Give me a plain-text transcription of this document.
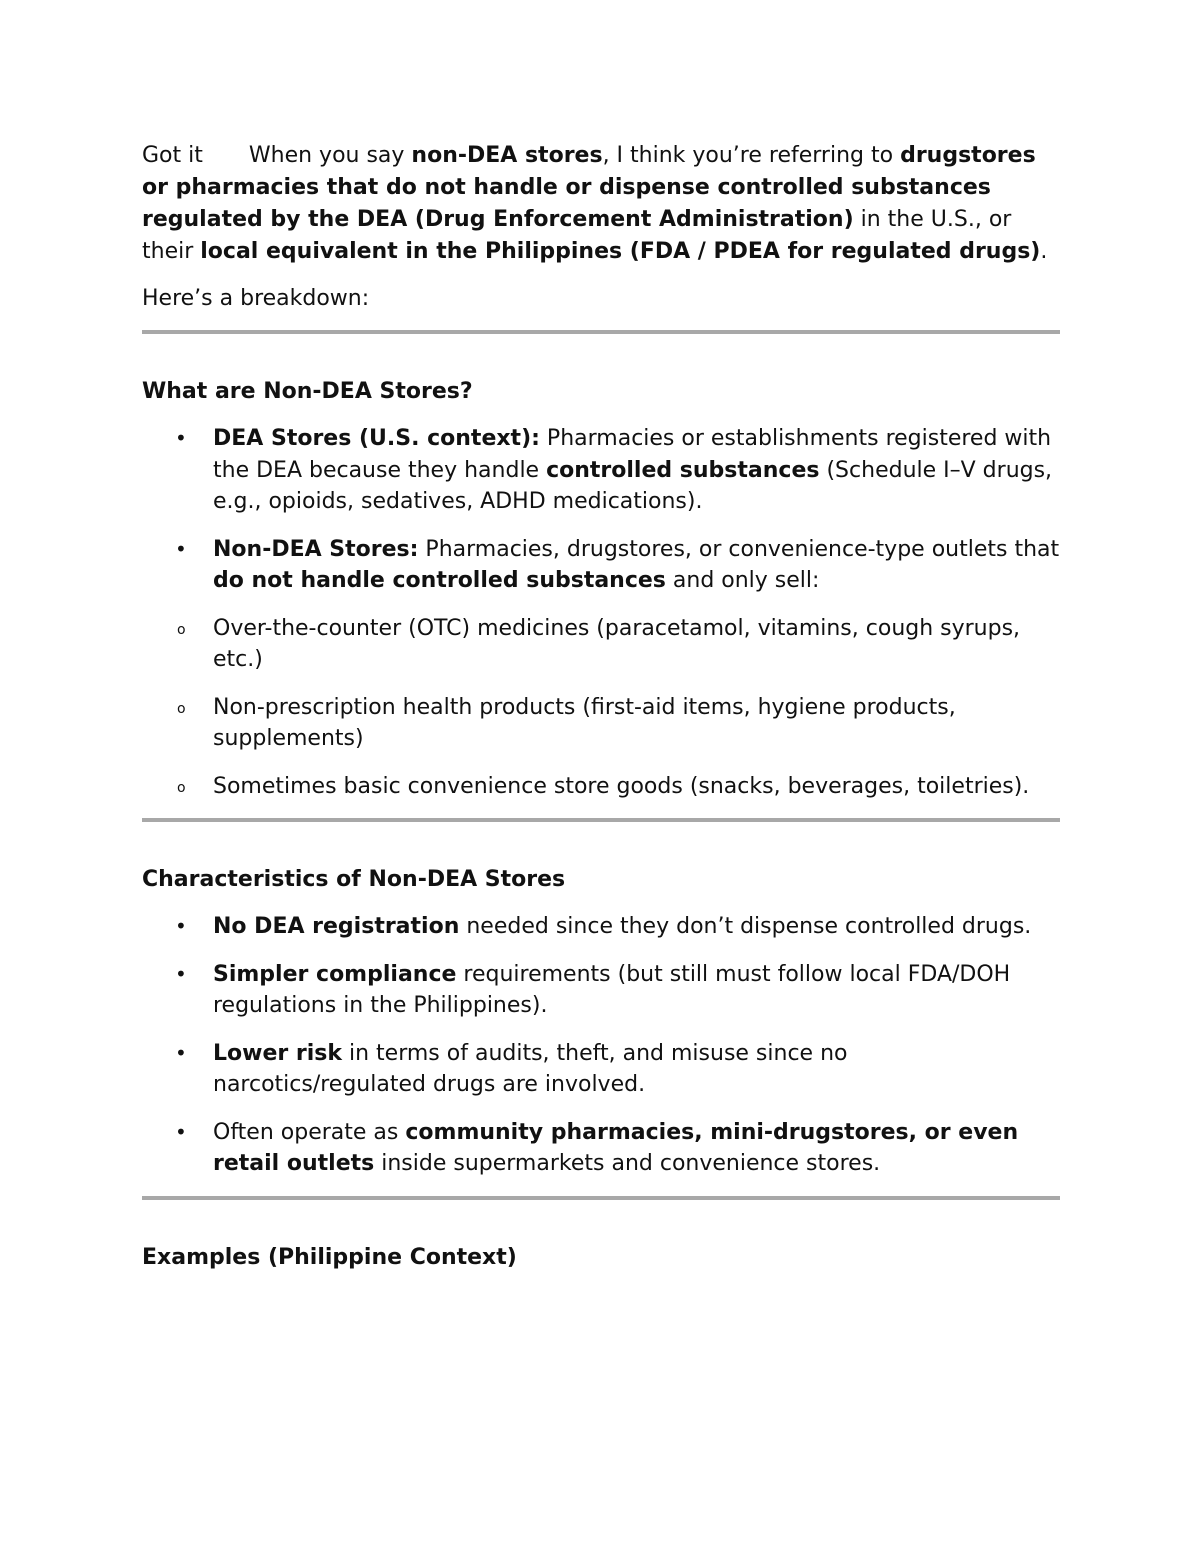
Got it When you say non-DEA stores, I think you’re referring to drugstores or pharmacies that do not handle or dispense controlled substances regulated by the DEA (Drug Enforcement Administration) in the U.S., or their local equivalent in the Philippines (FDA / PDEA for regulated drugs).

Here’s a breakdown:

What are Non-DEA Stores?

• DEA Stores (U.S. context): Pharmacies or establishments registered with the DEA because they handle controlled substances (Schedule I–V drugs, e.g., opioids, sedatives, ADHD medications).
• Non-DEA Stores: Pharmacies, drugstores, or convenience-type outlets that do not handle controlled substances and only sell:
o Over-the-counter (OTC) medicines (paracetamol, vitamins, cough syrups, etc.)
o Non-prescription health products (first-aid items, hygiene products, supplements)
o Sometimes basic convenience store goods (snacks, beverages, toiletries).

Characteristics of Non-DEA Stores

• No DEA registration needed since they don’t dispense controlled drugs.
• Simpler compliance requirements (but still must follow local FDA/DOH regulations in the Philippines).
• Lower risk in terms of audits, theft, and misuse since no narcotics/regulated drugs are involved.
• Often operate as community pharmacies, mini-drugstores, or even retail outlets inside supermarkets and convenience stores.

Examples (Philippine Context)
